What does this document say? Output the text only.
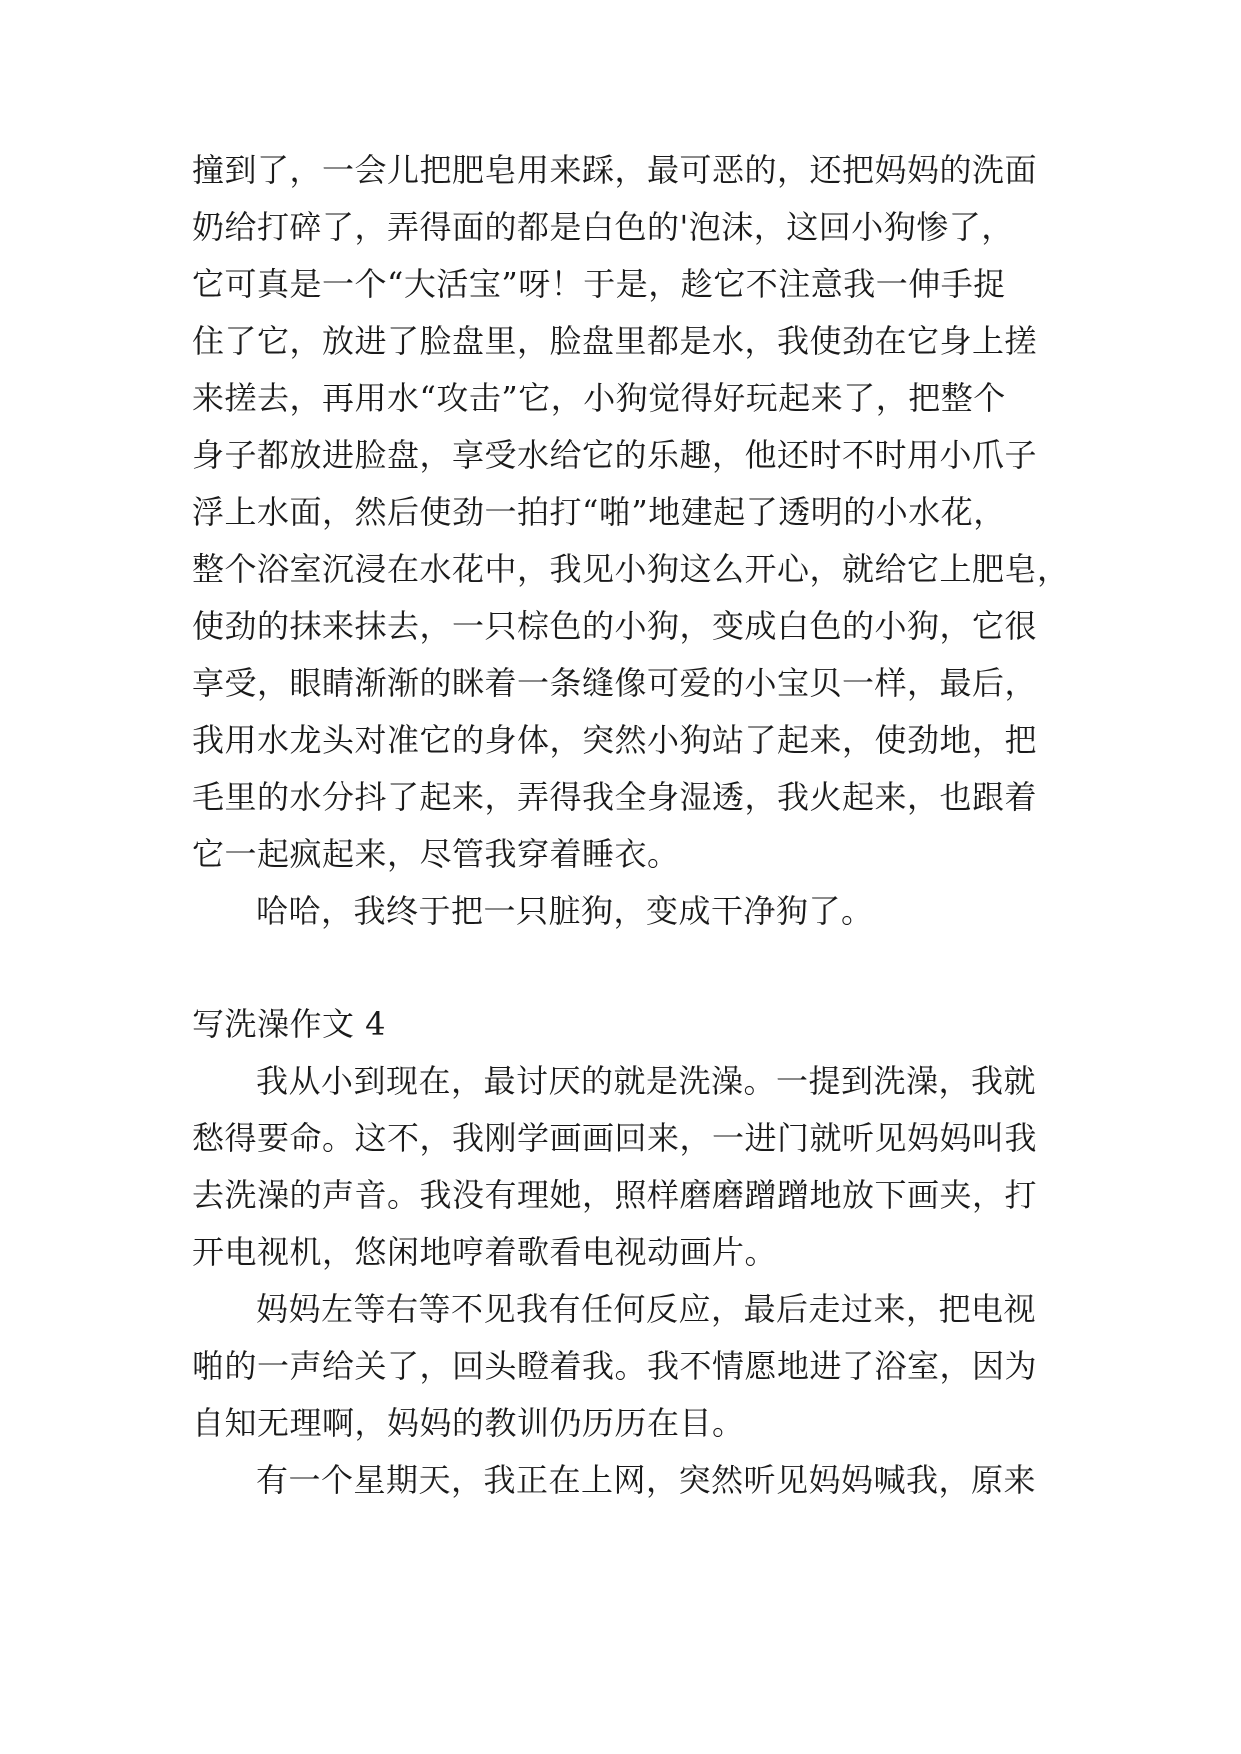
撞到了，一会儿把肥皂用来踩，最可恶的，还把妈妈的洗面
奶给打碎了，弄得面的都是白色的'泡沫，这回小狗惨了，
它可真是一个“大活宝”呀！于是，趁它不注意我一伸手捉
住了它，放进了脸盘里，脸盘里都是水，我使劲在它身上搓
来搓去，再用水“攻击”它，小狗觉得好玩起来了，把整个
身子都放进脸盘，享受水给它的乐趣，他还时不时用小爪子
浮上水面，然后使劲一拍打“啪”地建起了透明的小水花，
整个浴室沉浸在水花中，我见小狗这么开心，就给它上肥皂，
使劲的抹来抹去，一只棕色的小狗，变成白色的小狗，它很
享受，眼睛渐渐的眯着一条缝像可爱的小宝贝一样，最后，
我用水龙头对准它的身体，突然小狗站了起来，使劲地，把
毛里的水分抖了起来，弄得我全身湿透，我火起来，也跟着
它一起疯起来，尽管我穿着睡衣。
哈哈，我终于把一只脏狗，变成干净狗了。
写洗澡作文 4
我从小到现在，最讨厌的就是洗澡。一提到洗澡，我就
愁得要命。这不，我刚学画画回来，一进门就听见妈妈叫我
去洗澡的声音。我没有理她，照样磨磨蹭蹭地放下画夹，打
开电视机，悠闲地哼着歌看电视动画片。
妈妈左等右等不见我有任何反应，最后走过来，把电视
啪的一声给关了，回头瞪着我。我不情愿地进了浴室，因为
自知无理啊，妈妈的教训仍历历在目。
有一个星期天，我正在上网，突然听见妈妈喊我，原来
